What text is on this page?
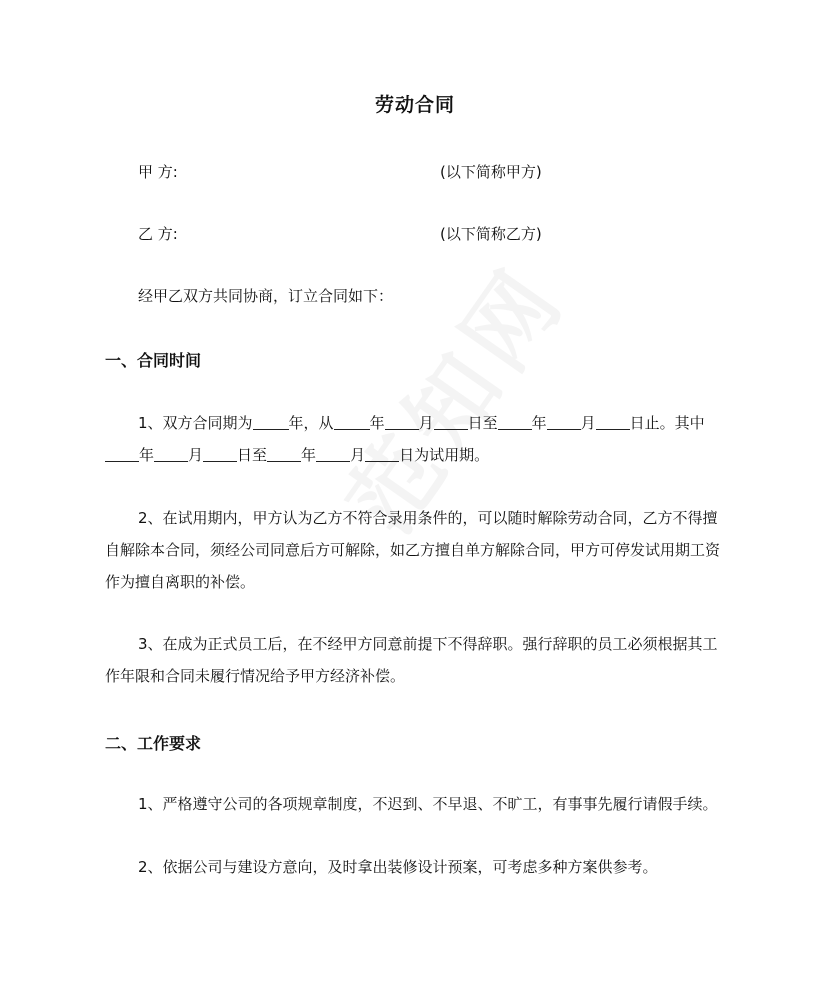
劳动合同
甲 方:	(以下简称甲方)
乙 方:	(以下简称乙方)
经甲乙双方共同协商，订立合同如下：
一、合同时间
1、双方合同期为 年，从 年 月 日至 年 月 日止。其中年 月 日至 年 月 日为试用期。
2、在试用期内，甲方认为乙方不符合录用条件的，可以随时解除劳动合同，乙方不得擅自解除本合同，须经公司同意后方可解除，如乙方擅自单方解除合同，甲方可停发试用期工资作为擅自离职的补偿。
3、在成为正式员工后，在不经甲方同意前提下不得辞职。强行辞职的员工必须根据其工作年限和合同未履行情况给予甲方经济补偿。
二、工作要求
1、严格遵守公司的各项规章制度，不迟到、不早退、不旷工，有事事先履行请假手续。
2、依据公司与建设方意向，及时拿出装修设计预案，可考虑多种方案供参考。
